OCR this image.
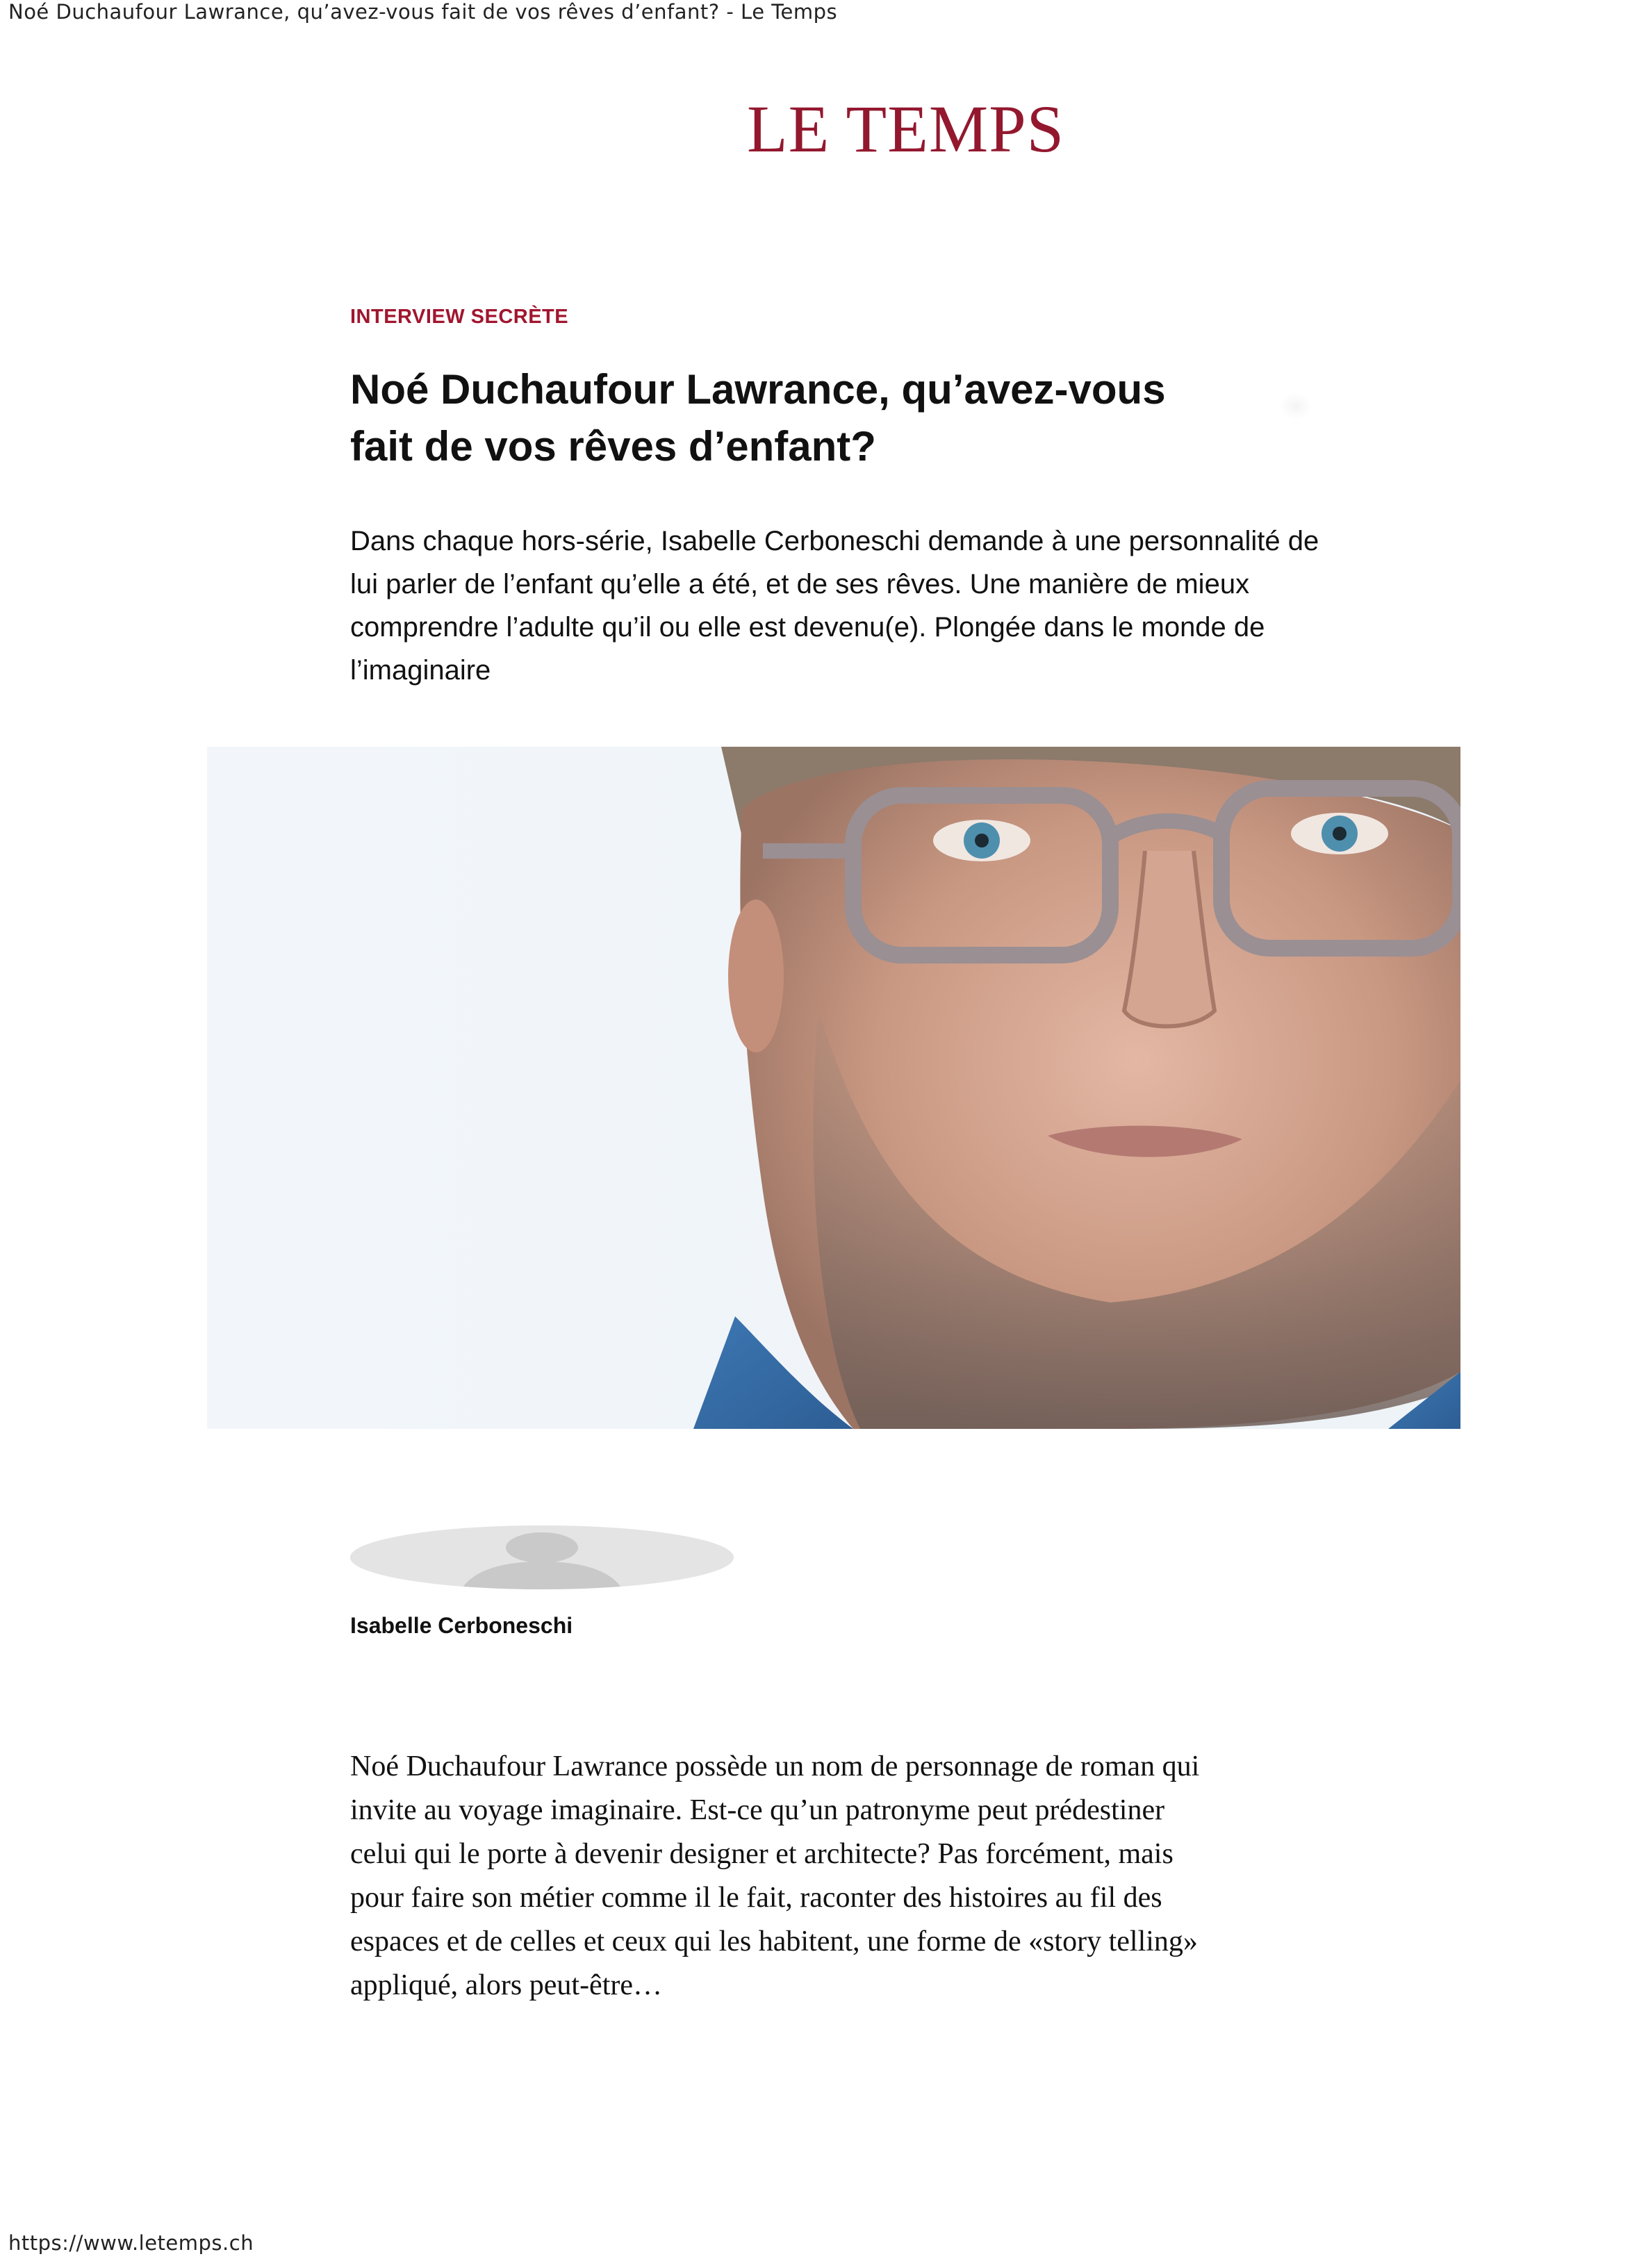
Noé Duchaufour Lawrance, qu’avez-vous fait de vos rêves d’enfant? - Le Temps
LE TEMPS
INTERVIEW SECRÈTE
Noé Duchaufour Lawrance, qu’avez-vous fait de vos rêves d’enfant?

Dans chaque hors-série, Isabelle Cerboneschi demande à une personnalité de lui parler de l’enfant qu’elle a été, et de ses rêves. Une manière de mieux comprendre l’adulte qu’il ou elle est devenu(e). Plongée dans le monde de l’imaginaire

Isabelle Cerboneschi

Noé Duchaufour Lawrance possède un nom de personnage de roman qui invite au voyage imaginaire. Est-ce qu’un patronyme peut prédestiner celui qui le porte à devenir designer et architecte? Pas forcément, mais pour faire son métier comme il le fait, raconter des histoires au fil des espaces et de celles et ceux qui les habitent, une forme de «story telling» appliqué, alors peut-être…

https://www.letemps.ch
